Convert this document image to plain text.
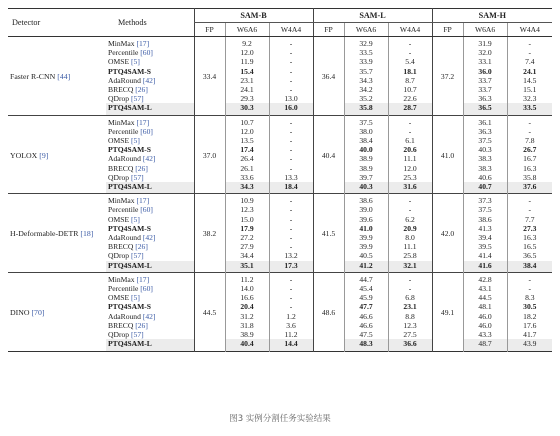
Detector	Methods	SAM-B			SAM-L			SAM-H		
		FP	W6A6	W4A4	FP	W6A6	W4A4	FP	W6A6	W4A4
Faster R-CNN [44]	MinMax [17]	33.4	9.2	-	36.4	32.9	-	37.2	31.9	-
	Percentile [60]		12.0	-		33.5	-		32.0	-
	OMSE [5]		11.9	-		33.9	5.4		33.1	7.4
	PTQ4SAM-S		15.4	-		35.7	18.1		36.0	24.1
	AdaRound [42]		23.1	-		34.3	8.7		33.7	14.5
	BRECQ [26]		24.1	-		34.2	10.7		33.7	15.1
	QDrop [57]		29.3	13.0		35.2	22.6		36.3	32.3
	PTQ4SAM-L		30.3	16.0		35.8	28.7		36.5	33.5
YOLOX [9]	MinMax [17]	37.0	10.7	-	40.4	37.5	-	41.0	36.1	-
	Percentile [60]		12.0	-		38.0	-		36.3	-
	OMSE [5]		13.5	-		38.4	6.1		37.5	7.8
	PTQ4SAM-S		17.4	-		40.0	20.6		40.3	26.7
	AdaRound [42]		26.4	-		38.9	11.1		38.3	16.7
	BRECQ [26]		26.1	-		38.9	12.0		38.3	16.3
	QDrop [57]		33.6	13.3		39.7	25.3		40.6	35.8
	PTQ4SAM-L		34.3	18.4		40.3	31.6		40.7	37.6
H-Deformable-DETR [18]	MinMax [17]	38.2	10.9	-	41.5	38.6	-	42.0	37.3	-
	Percentile [60]		12.3	-		39.0	-		37.5	-
	OMSE [5]		15.0	-		39.6	6.2		38.6	7.7
	PTQ4SAM-S		17.9	-		41.0	20.9		41.3	27.3
	AdaRound [42]		27.2	-		39.9	8.0		39.4	16.3
	BRECQ [26]		27.9	-		39.9	11.1		39.5	16.5
	QDrop [57]		34.4	13.2		40.5	25.8		41.4	36.5
	PTQ4SAM-L		35.1	17.3		41.2	32.1		41.6	38.4
DINO [70]	MinMax [17]	44.5	11.2	-	48.6	44.7	-	49.1	42.8	-
	Percentile [60]		14.0	-		45.4	-		43.1	-
	OMSE [5]		16.6	-		45.9	6.8		44.5	8.3
	PTQ4SAM-S		20.4	-		47.7	23.1		48.1	30.5
	AdaRound [42]		31.2	1.2		46.6	8.8		46.0	18.2
	BRECQ [26]		31.8	3.6		46.6	12.3		46.0	17.6
	QDrop [57]		38.9	11.2		47.5	27.5		43.3	41.7
	PTQ4SAM-L		40.4	14.4		48.3	36.6		48.7	43.9
图3 实例分割任务实验结果
